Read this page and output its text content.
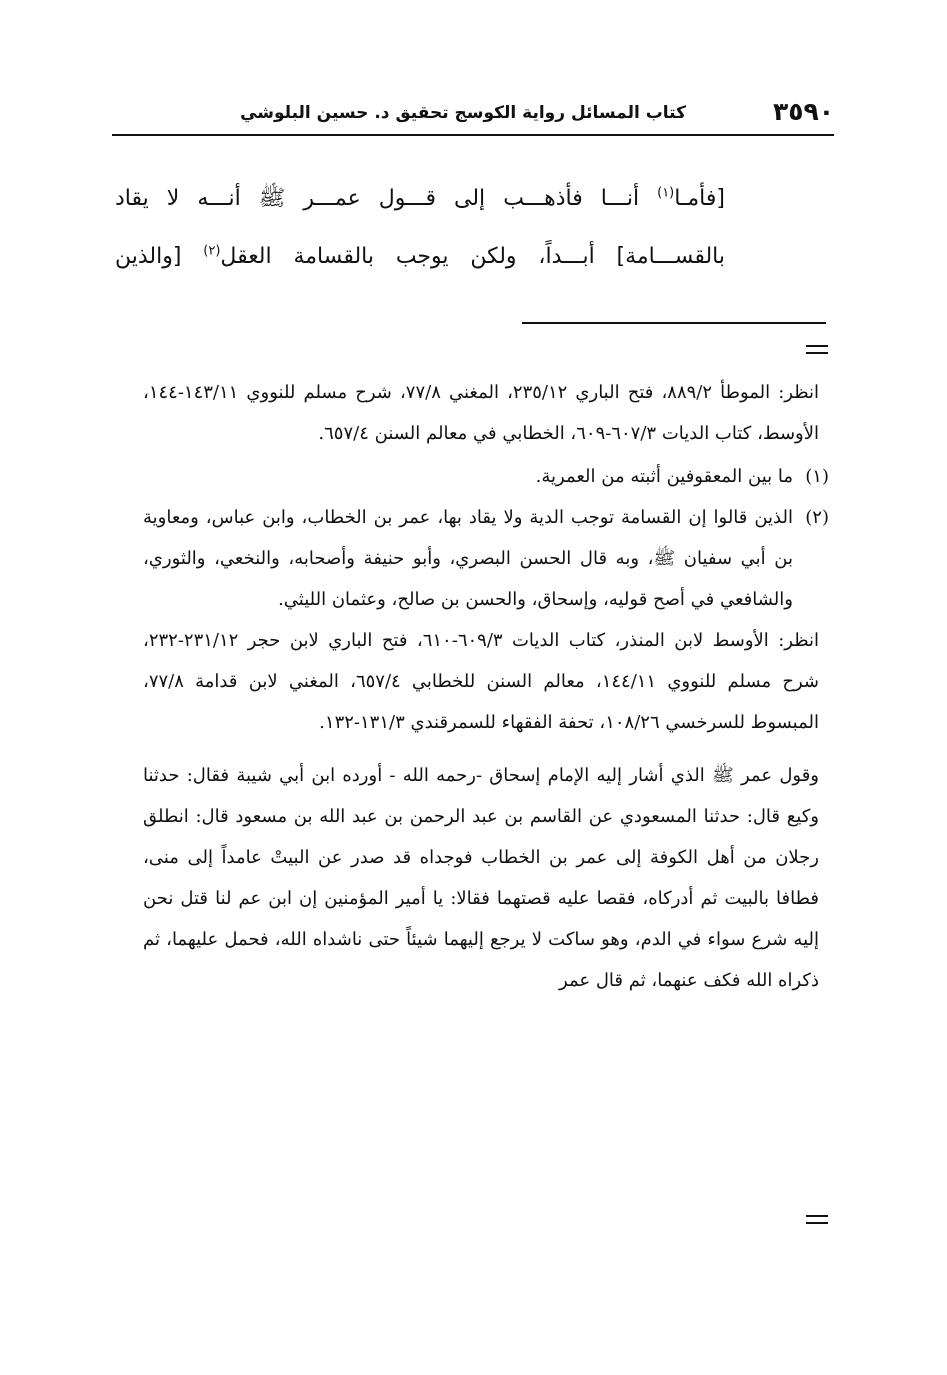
٣٥٩٠
كتاب المسائل رواية الكوسج تحقيق د. حسين البلوشي

[فأمـا$^{(١)}$ أنـــا فأذهـــب إلى قـــول عمـــر ﷺ أنـــه لا يقاد

بالقســـامة] أبـــداً، ولكن يوجب بالقسامة العقل$^{(٢)}$ [والذين

انظر: الموطأ ٨٨٩/٢، فتح الباري ٢٣٥/١٢، المغني ٧٧/٨، شرح مسلم للنووي ١٤٣/١١-١٤٤، الأوسط، كتاب الديات ٦٠٧/٣-٦٠٩، الخطابي في معالم السنن ٦٥٧/٤.

(١)
ما بين المعقوفين أثبته من العمرية.

(٢)
الذين قالوا إن القسامة توجب الدية ولا يقاد بها، عمر بن الخطاب، وابن عباس، ومعاوية بن أبي سفيان ﷺ، وبه قال الحسن البصري، وأبو حنيفة وأصحابه، والنخعي، والثوري، والشافعي في أصح قوليه، وإسحاق، والحسن بن صالح، وعثمان الليثي.

انظر: الأوسط لابن المنذر، كتاب الديات ٦٠٩/٣-٦١٠، فتح الباري لابن حجر ٢٣١/١٢-٢٣٢، شرح مسلم للنووي ١٤٤/١١، معالم السنن للخطابي ٦٥٧/٤، المغني لابن قدامة ٧٧/٨، المبسوط للسرخسي ١٠٨/٢٦، تحفة الفقهاء للسمرقندي ١٣١/٣-١٣٢.

وقول عمر ﷺ الذي أشار إليه الإمام إسحاق -رحمه الله - أورده ابن أبي شيبة فقال: حدثنا وكيع قال: حدثنا المسعودي عن القاسم بن عبد الرحمن بن عبد الله بن مسعود قال: انطلق رجلان من أهل الكوفة إلى عمر بن الخطاب فوجداه قد صدر عن البيتْ عامداً إلى منى، فطافا بالبيت ثم أدركاه، فقصا عليه قصتهما فقالا: يا أمير المؤمنين إن ابن عم لنا قتل نحن إليه شرع سواء في الدم، وهو ساكت لا يرجع إليهما شيئاً حتى ناشداه الله، فحمل عليهما، ثم ذكراه الله فكف عنهما، ثم قال عمر
